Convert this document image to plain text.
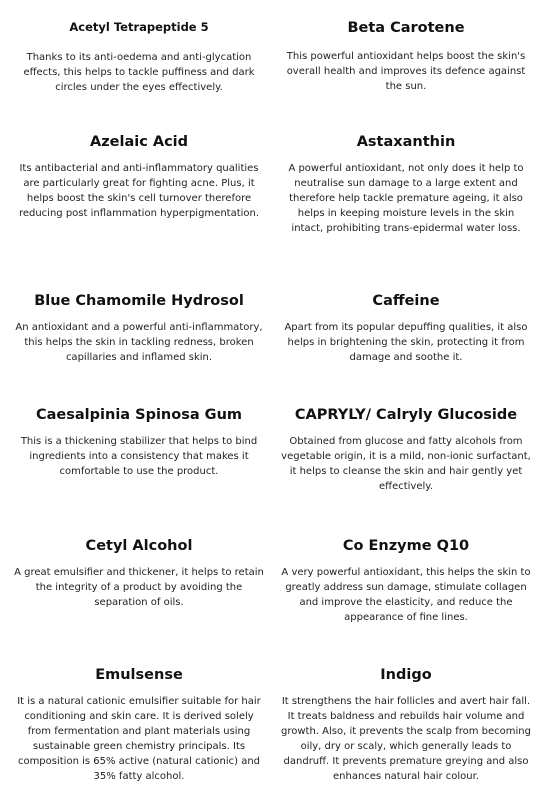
Acetyl Tetrapeptide 5

Thanks to its anti-oedema and anti-glycation effects, this helps to tackle puffiness and dark circles under the eyes effectively.

Beta Carotene

This powerful antioxidant helps boost the skin's overall health and improves its defence against the sun.

Azelaic Acid

Its antibacterial and anti-inflammatory qualities are particularly great for fighting acne. Plus, it helps boost the skin's cell turnover therefore reducing post inflammation hyperpigmentation.

Astaxanthin

A powerful antioxidant, not only does it help to neutralise sun damage to a large extent and therefore help tackle premature ageing, it also helps in keeping moisture levels in the skin intact, prohibiting trans-epidermal water loss.

Blue Chamomile Hydrosol

An antioxidant and a powerful anti-inflammatory, this helps the skin in tackling redness, broken capillaries and inflamed skin.

Caffeine

Apart from its popular depuffing qualities, it also helps in brightening the skin, protecting it from damage and soothe it.

Caesalpinia Spinosa Gum

This is a thickening stabilizer that helps to bind ingredients into a consistency that makes it comfortable to use the product.

CAPRYLY/ Calryly Glucoside

Obtained from glucose and fatty alcohols from vegetable origin, it is a mild, non-ionic surfactant, it helps to cleanse the skin and hair gently yet effectively.

Cetyl Alcohol

A great emulsifier and thickener, it helps to retain the integrity of a product by avoiding the separation of oils.

Co Enzyme Q10

A very powerful antioxidant, this helps the skin to greatly address sun damage, stimulate collagen and improve the elasticity, and reduce the appearance of fine lines.

Emulsense

It is a natural cationic emulsifier suitable for hair conditioning and skin care. It is derived solely from fermentation and plant materials using sustainable green chemistry principals. Its composition is 65% active (natural cationic) and 35% fatty alcohol.

Indigo

It strengthens the hair follicles and avert hair fall. It treats baldness and rebuilds hair volume and growth. Also, it prevents the scalp from becoming oily, dry or scaly, which generally leads to dandruff. It prevents premature greying and also enhances natural hair colour.
